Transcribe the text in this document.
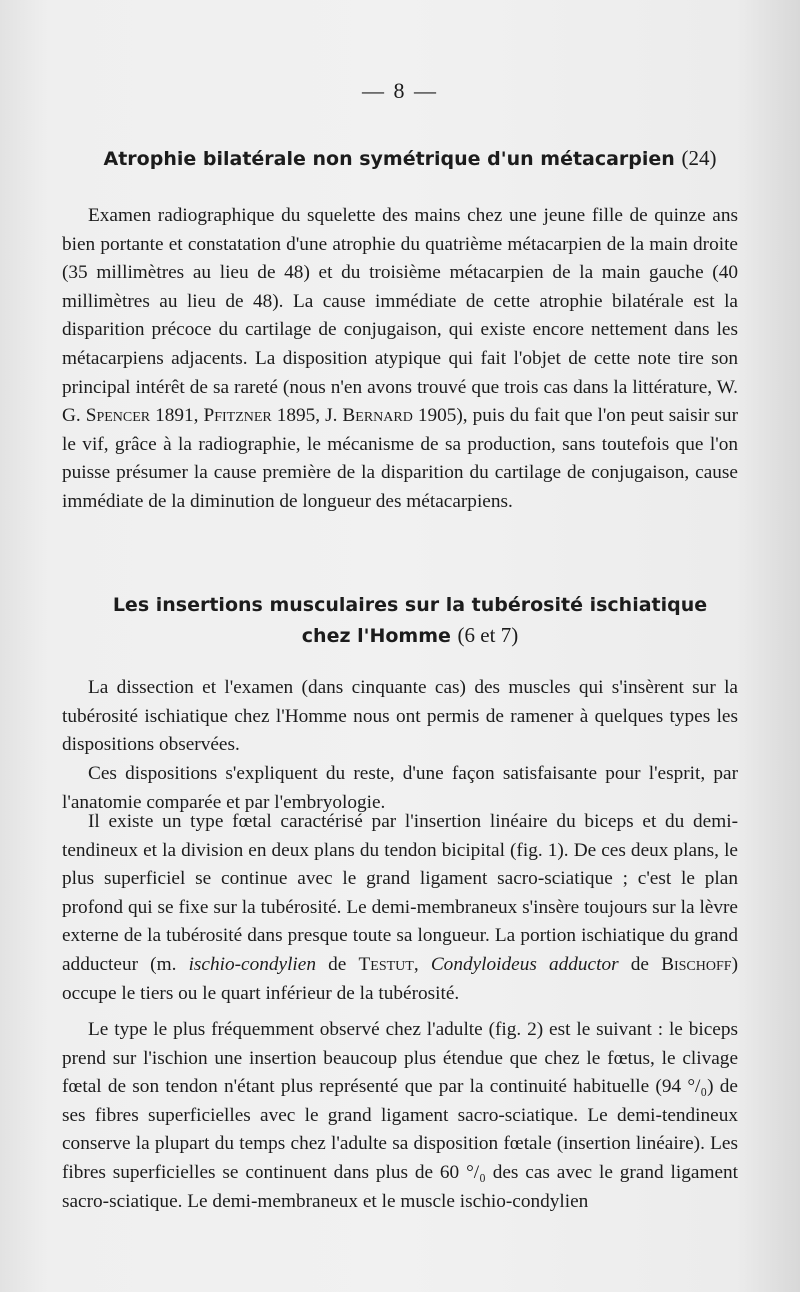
— 8 —
Atrophie bilatérale non symétrique d'un métacarpien (24)
Examen radiographique du squelette des mains chez une jeune fille de quinze ans bien portante et constatation d'une atrophie du quatrième métacarpien de la main droite (35 millimètres au lieu de 48) et du troisième métacarpien de la main gauche (40 millimètres au lieu de 48). La cause immédiate de cette atrophie bilatérale est la disparition précoce du cartilage de conjugaison, qui existe encore nettement dans les métacarpiens adjacents. La disposition atypique qui fait l'objet de cette note tire son principal intérêt de sa rareté (nous n'en avons trouvé que trois cas dans la littérature, W. G. Spencer 1891, Pfitzner 1895, J. Bernard 1905), puis du fait que l'on peut saisir sur le vif, grâce à la radiographie, le mécanisme de sa production, sans toutefois que l'on puisse présumer la cause première de la disparition du cartilage de conjugaison, cause immédiate de la diminution de longueur des métacarpiens.
Les insertions musculaires sur la tubérosité ischiatique
chez l'Homme (6 et 7)
La dissection et l'examen (dans cinquante cas) des muscles qui s'insèrent sur la tubérosité ischiatique chez l'Homme nous ont permis de ramener à quelques types les dispositions observées.
Ces dispositions s'expliquent du reste, d'une façon satisfaisante pour l'esprit, par l'anatomie comparée et par l'embryologie.
Il existe un type fœtal caractérisé par l'insertion linéaire du biceps et du demi-tendineux et la division en deux plans du tendon bicipital (fig. 1). De ces deux plans, le plus superficiel se continue avec le grand ligament sacro-sciatique ; c'est le plan profond qui se fixe sur la tubérosité. Le demi-membraneux s'insère toujours sur la lèvre externe de la tubérosité dans presque toute sa longueur. La portion ischiatique du grand adducteur (m. ischio-condylien de Testut, Condyloideus adductor de Bischoff) occupe le tiers ou le quart inférieur de la tubérosité.
Le type le plus fréquemment observé chez l'adulte (fig. 2) est le suivant : le biceps prend sur l'ischion une insertion beaucoup plus étendue que chez le fœtus, le clivage fœtal de son tendon n'étant plus représenté que par la continuité habituelle (94 °/₀) de ses fibres superficielles avec le grand ligament sacro-sciatique. Le demi-tendineux conserve la plupart du temps chez l'adulte sa disposition fœtale (insertion linéaire). Les fibres superficielles se continuent dans plus de 60 °/₀ des cas avec le grand ligament sacro-sciatique. Le demi-membraneux et le muscle ischio-condylien
